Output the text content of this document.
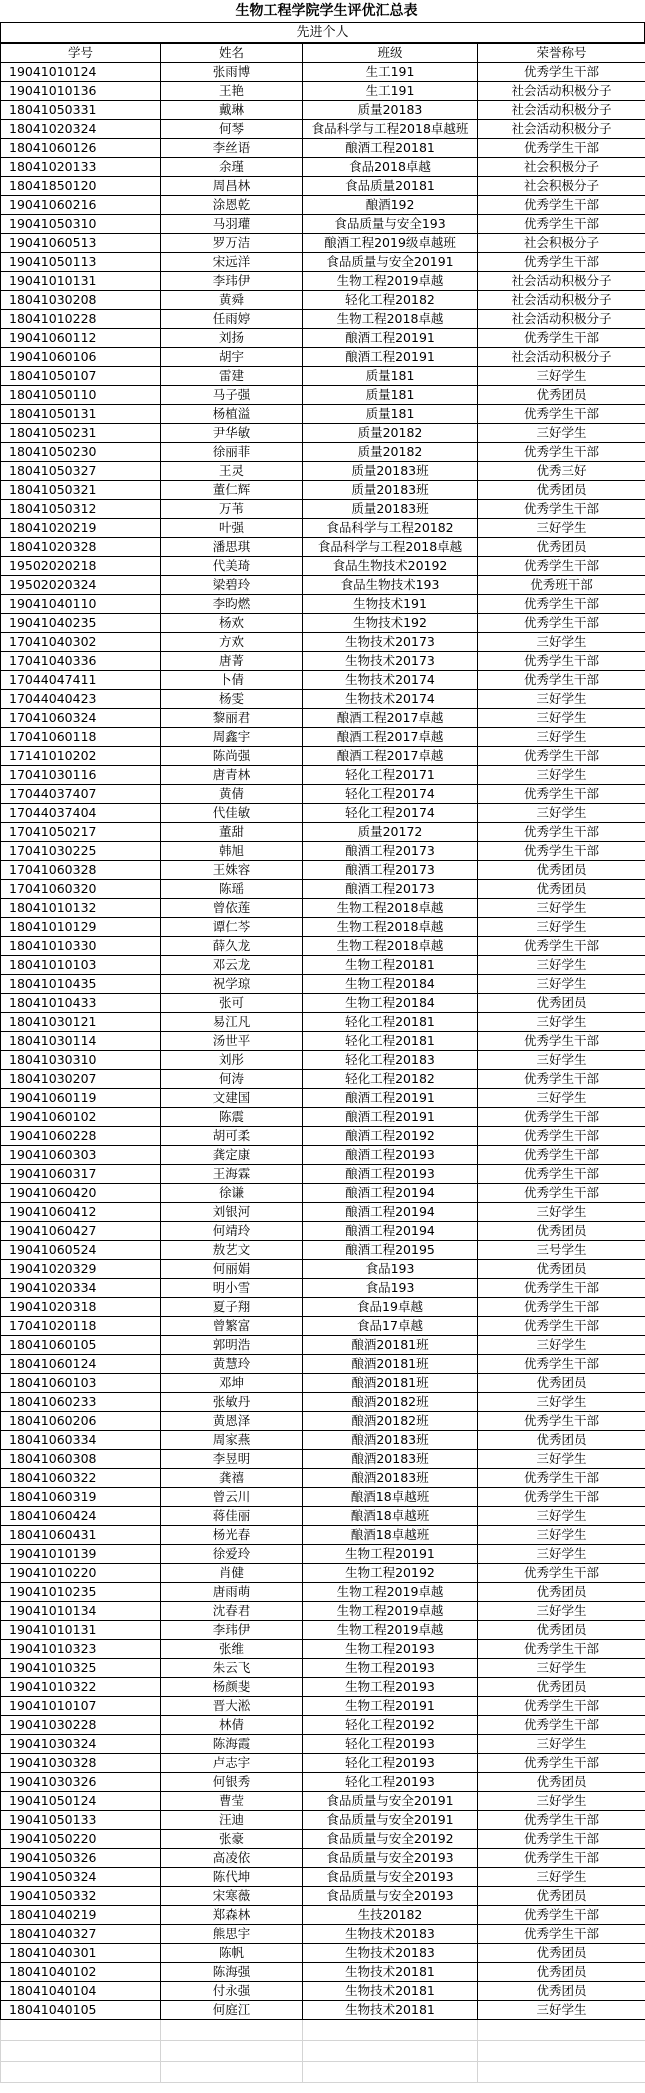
生物工程学院学生评优汇总表
先进个人
学号	姓名	班级	荣誉称号
19041010124	张雨博	生工191	优秀学生干部
19041010136	王艳	生工191	社会活动积极分子
18041050331	戴琳	质量20183	社会活动积极分子
18041020324	何琴	食品科学与工程2018卓越班	社会活动积极分子
18041060126	李丝语	酿酒工程20181	优秀学生干部
18041020133	余瑾	食品2018卓越	社会积极分子
18041850120	周昌林	食品质量20181	社会积极分子
19041060216	涂恩乾	酿酒192	优秀学生干部
19041050310	马羽瓘	食品质量与安全193	优秀学生干部
19041060513	罗万洁	酿酒工程2019级卓越班	社会积极分子
19041050113	宋远洋	食品质量与安全20191	优秀学生干部
19041010131	李玮伊	生物工程2019卓越	社会活动积极分子
18041030208	黄舜	轻化工程20182	社会活动积极分子
18041010228	任雨婷	生物工程2018卓越	社会活动积极分子
19041060112	刘扬	酿酒工程20191	优秀学生干部
19041060106	胡宇	酿酒工程20191	社会活动积极分子
18041050107	雷建	质量181	三好学生
18041050110	马子强	质量181	优秀团员
18041050131	杨植溢	质量181	优秀学生干部
18041050231	尹华敏	质量20182	三好学生
18041050230	徐丽菲	质量20182	优秀学生干部
18041050327	王灵	质量20183班	优秀三好
18041050321	董仁辉	质量20183班	优秀团员
18041050312	万苇	质量20183班	优秀学生干部
18041020219	叶强	食品科学与工程20182	三好学生
18041020328	潘思琪	食品科学与工程2018卓越	优秀团员
19502020218	代美琦	食品生物技术20192	优秀学生干部
19502020324	梁碧玲	食品生物技术193	优秀班干部
19041040110	李昀燃	生物技术191	优秀学生干部
19041040235	杨欢	生物技术192	优秀学生干部
17041040302	方欢	生物技术20173	三好学生
17041040336	唐菁	生物技术20173	优秀学生干部
17044047411	卜倩	生物技术20174	优秀学生干部
17044040423	杨雯	生物技术20174	三好学生
17041060324	黎丽君	酿酒工程2017卓越	三好学生
17041060118	周鑫宇	酿酒工程2017卓越	三好学生
17141010202	陈尚强	酿酒工程2017卓越	优秀学生干部
17041030116	唐青林	轻化工程20171	三好学生
17044037407	黄倩	轻化工程20174	优秀学生干部
17044037404	代佳敏	轻化工程20174	三好学生
17041050217	董甜	质量20172	优秀学生干部
17041030225	韩旭	酿酒工程20173	优秀学生干部
17041060328	王姝容	酿酒工程20173	优秀团员
17041060320	陈瑶	酿酒工程20173	优秀团员
18041010132	曾依莲	生物工程2018卓越	三好学生
18041010129	谭仁芩	生物工程2018卓越	三好学生
18041010330	薛久龙	生物工程2018卓越	优秀学生干部
18041010103	邓云龙	生物工程20181	三好学生
18041010435	祝学琼	生物工程20184	三好学生
18041010433	张可	生物工程20184	优秀团员
18041030121	易江凡	轻化工程20181	三好学生
18041030114	汤世平	轻化工程20181	优秀学生干部
18041030310	刘彤	轻化工程20183	三好学生
18041030207	何涛	轻化工程20182	优秀学生干部
19041060119	文建国	酿酒工程20191	三好学生
19041060102	陈震	酿酒工程20191	优秀学生干部
19041060228	胡可柔	酿酒工程20192	优秀学生干部
19041060303	龚定康	酿酒工程20193	优秀学生干部
19041060317	王海霖	酿酒工程20193	优秀学生干部
19041060420	徐谦	酿酒工程20194	优秀学生干部
19041060412	刘银河	酿酒工程20194	三好学生
19041060427	何靖玲	酿酒工程20194	优秀团员
19041060524	敖艺文	酿酒工程20195	三号学生
19041020329	何丽娟	食品193	优秀团员
19041020334	明小雪	食品193	优秀学生干部
19041020318	夏子翔	食品19卓越	优秀学生干部
17041020118	曾繁富	食品17卓越	优秀学生干部
18041060105	郭明浩	酿酒20181班	三好学生
18041060124	黄慧玲	酿酒20181班	优秀学生干部
18041060103	邓坤	酿酒20181班	优秀团员
18041060233	张敏丹	酿酒20182班	三好学生
18041060206	黄恩泽	酿酒20182班	优秀学生干部
18041060334	周家燕	酿酒20183班	优秀团员
18041060308	李昱明	酿酒20183班	三好学生
18041060322	龚禧	酿酒20183班	优秀学生干部
18041060319	曾云川	酿酒18卓越班	优秀学生干部
18041060424	蒋佳丽	酿酒18卓越班	三好学生
18041060431	杨光春	酿酒18卓越班	三好学生
19041010139	徐爱玲	生物工程20191	三好学生
19041010220	肖健	生物工程20192	优秀学生干部
19041010235	唐雨萌	生物工程2019卓越	优秀团员
19041010134	沈春君	生物工程2019卓越	三好学生
19041010131	李玮伊	生物工程2019卓越	优秀团员
19041010323	张维	生物工程20193	优秀学生干部
19041010325	朱云飞	生物工程20193	三好学生
19041010322	杨颜斐	生物工程20193	优秀团员
19041010107	晋大淞	生物工程20191	优秀学生干部
19041030228	林倩	轻化工程20192	优秀学生干部
19041030324	陈海霞	轻化工程20193	三好学生
19041030328	卢志宇	轻化工程20193	优秀学生干部
19041030326	何银秀	轻化工程20193	优秀团员
19041050124	曹莹	食品质量与安全20191	三好学生
19041050133	汪迪	食品质量与安全20191	优秀学生干部
19041050220	张豪	食品质量与安全20192	优秀学生干部
19041050326	高凌依	食品质量与安全20193	优秀学生干部
19041050324	陈代坤	食品质量与安全20193	三好学生
19041050332	宋寒薇	食品质量与安全20193	优秀团员
18041040219	郑森林	生技20182	优秀学生干部
18041040327	熊思宇	生物技术20183	优秀学生干部
18041040301	陈帆	生物技术20183	优秀团员
18041040102	陈海强	生物技术20181	优秀团员
18041040104	付永强	生物技术20181	优秀团员
18041040105	何庭江	生物技术20181	三好学生
